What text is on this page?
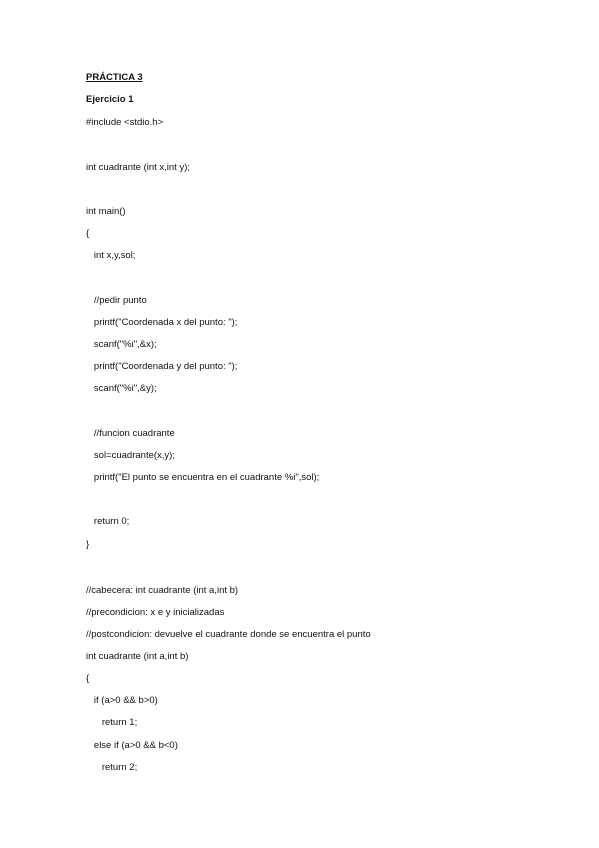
PRÁCTICA 3
Ejercicio 1
#include <stdio.h>
int cuadrante (int x,int y);
int main()
{
int x,y,sol;
//pedir punto
printf("Coordenada x del punto: ");
scanf("%i",&x);
printf("Coordenada y del punto: ");
scanf("%i",&y);
//funcion cuadrante
sol=cuadrante(x,y);
printf("El punto se encuentra en el cuadrante %i",sol);
return 0;
}
//cabecera: int cuadrante (int a,int b)
//precondicion: x e y inicializadas
//postcondicion: devuelve el cuadrante donde se encuentra el punto
int cuadrante (int a,int b)
{
if (a>0 && b>0)
return 1;
else if (a>0 && b<0)
return 2;
